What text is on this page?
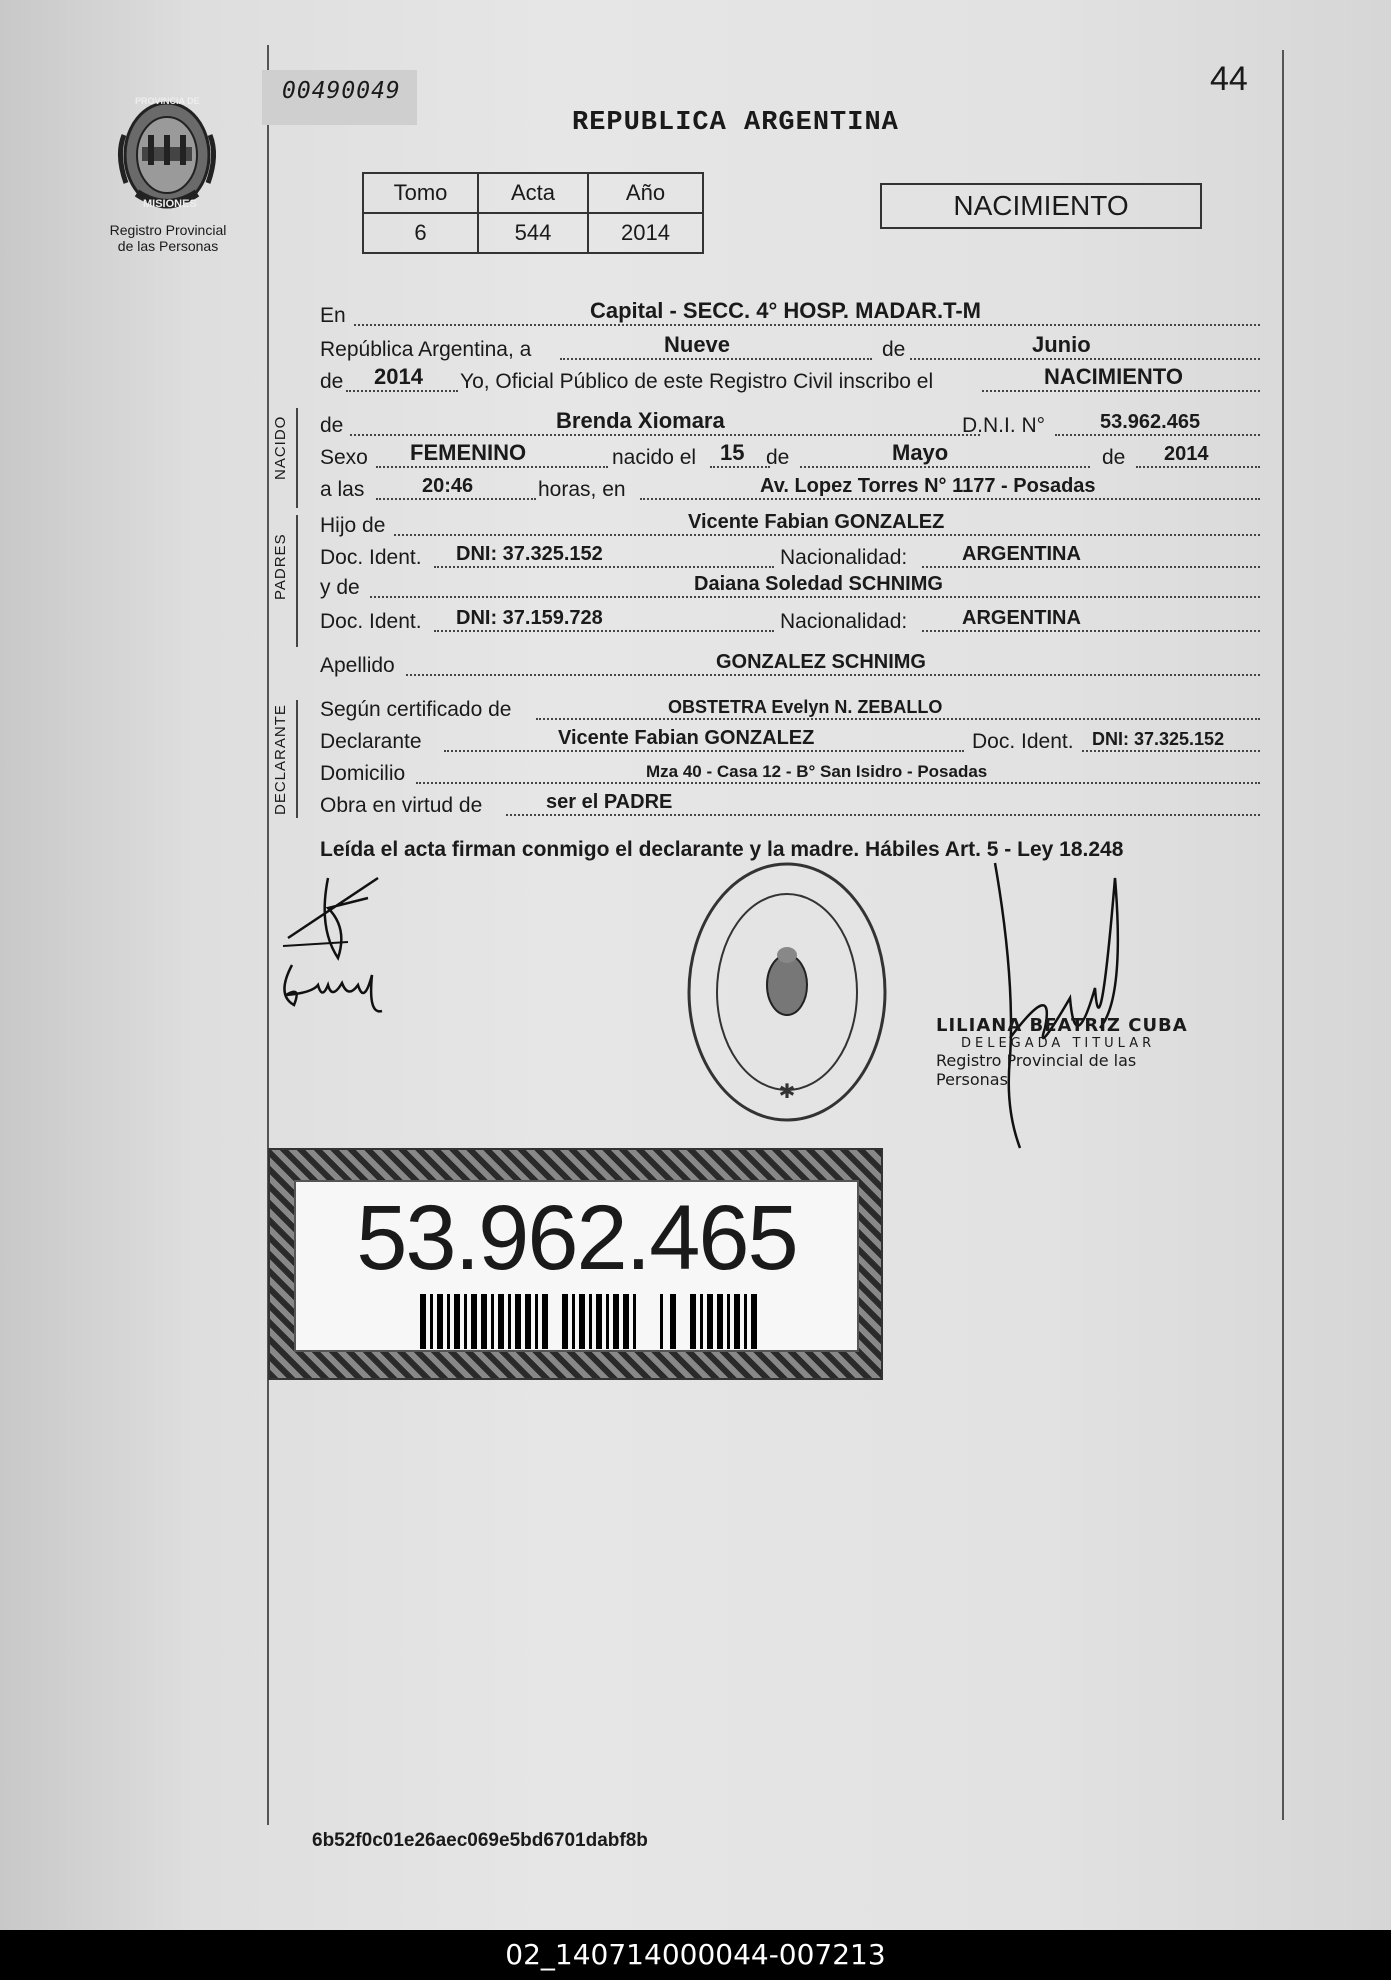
PROVINCIA DE
MISIONES
Registro Provincial
de las Personas
00490049	44
REPUBLICA ARGENTINA
Tomo	Acta	Año
6	544	2014
NACIMIENTO
En	Capital - SECC. 4° HOSP. MADAR.T-M
República Argentina, a	Nueve	de	Junio
de 2014 Yo, Oficial Público de este Registro Civil inscribo el	NACIMIENTO
NACIDO de	Brenda Xiomara	D.N.I. N°	53.962.465
Sexo FEMENINO	nacido el 15 de	Mayo	de 2014
a las	20:46	horas, en	Av. Lopez Torres N° 1177 - Posadas
PADRES
Hijo de	Vicente Fabian GONZALEZ
Doc. Ident. DNI: 37.325.152	Nacionalidad:	ARGENTINA
y de	Daiana Soledad SCHNIMG
Doc. Ident. DNI: 37.159.728	Nacionalidad:	ARGENTINA
Apellido	GONZALEZ SCHNIMG
DECLARANTE Según certificado de	OBSTETRA Evelyn N. ZEBALLO
Declarante	Vicente Fabian GONZALEZ	Doc. Ident. DNI: 37.325.152
Domicilio	Mza 40 - Casa 12 - B° San Isidro - Posadas
Obra en virtud de	ser el PADRE
Leída el acta firman conmigo el declarante y la madre. Hábiles Art. 5 - Ley 18.248
✱
LILIANA BEATRIZ CUBA
DELEGADA TITULAR
Registro Provincial de las Personas
53.962.465
6b52f0c01e26aec069e5bd6701dabf8b
02_140714000044-007213
